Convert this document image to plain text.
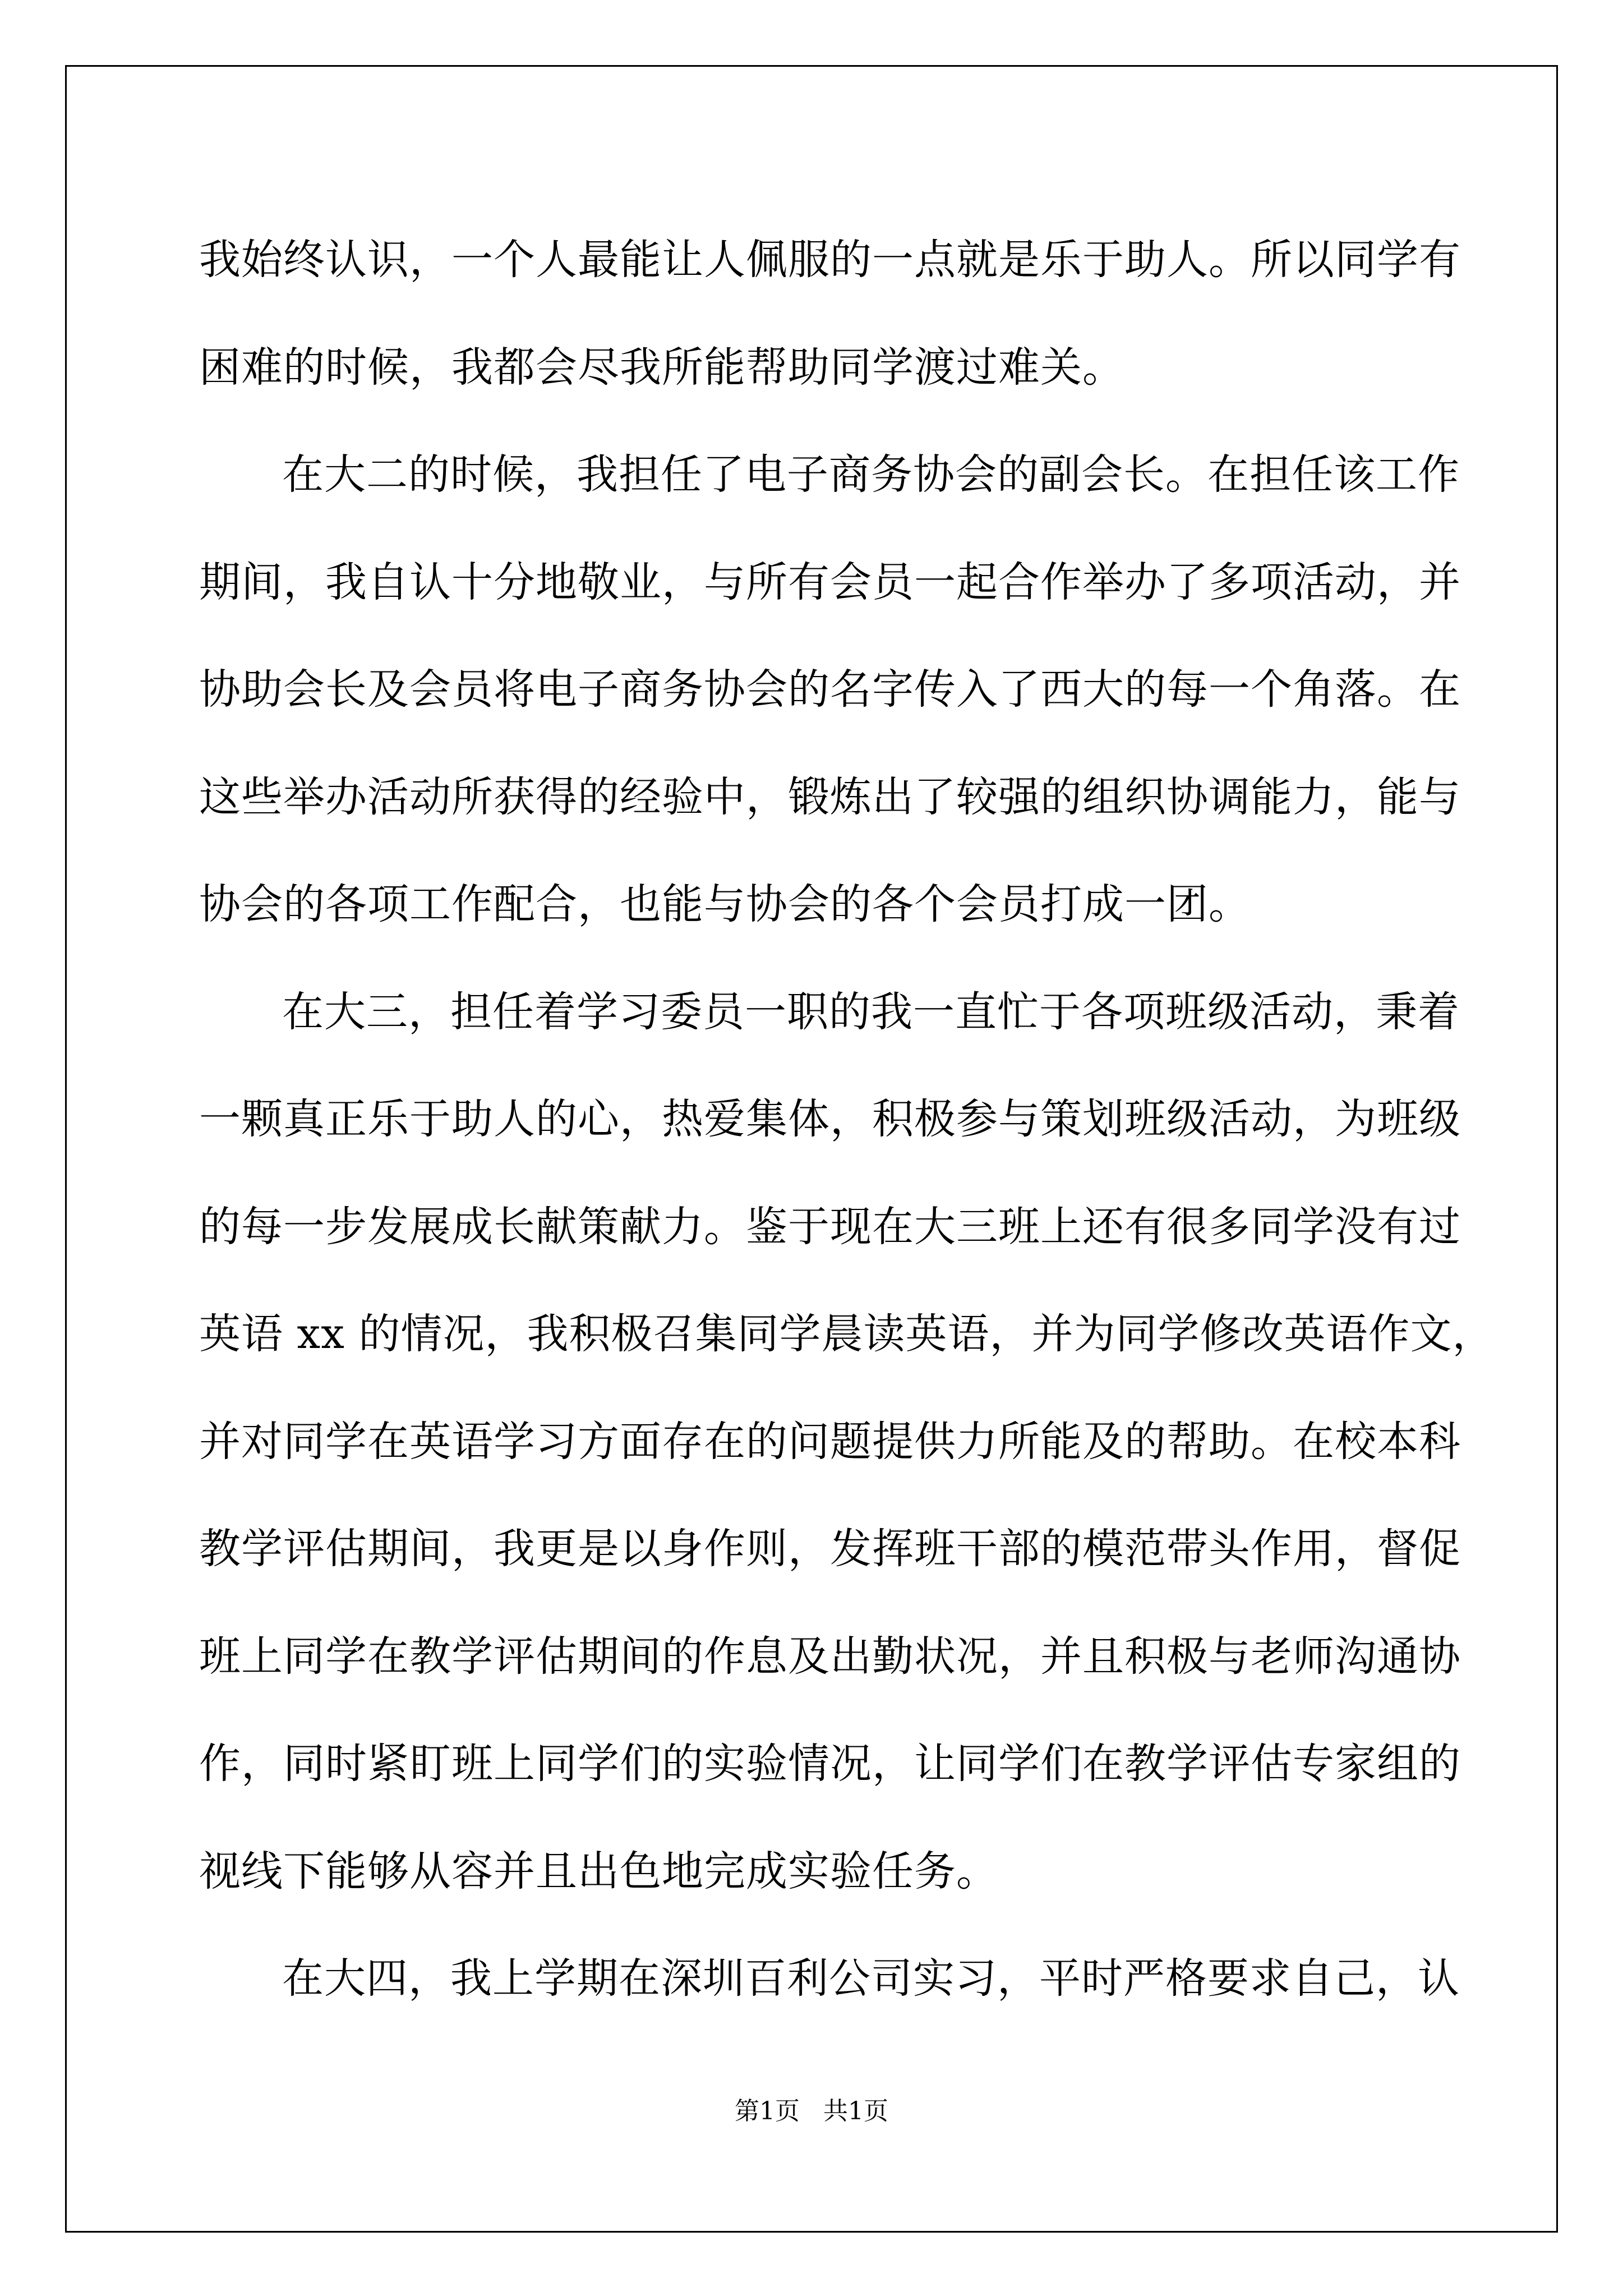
我始终认识，一个人最能让人佩服的一点就是乐于助人。所以同学有
困难的时候，我都会尽我所能帮助同学渡过难关。
在大二的时候，我担任了电子商务协会的副会长。在担任该工作
期间，我自认十分地敬业，与所有会员一起合作举办了多项活动，并
协助会长及会员将电子商务协会的名字传入了西大的每一个角落。在
这些举办活动所获得的经验中，锻炼出了较强的组织协调能力，能与
协会的各项工作配合，也能与协会的各个会员打成一团。
在大三，担任着学习委员一职的我一直忙于各项班级活动，秉着
一颗真正乐于助人的心，热爱集体，积极参与策划班级活动，为班级
的每一步发展成长献策献力。鉴于现在大三班上还有很多同学没有过
英语 xx 的情况，我积极召集同学晨读英语，并为同学修改英语作文，
并对同学在英语学习方面存在的问题提供力所能及的帮助。在校本科
教学评估期间，我更是以身作则，发挥班干部的模范带头作用，督促
班上同学在教学评估期间的作息及出勤状况，并且积极与老师沟通协
作，同时紧盯班上同学们的实验情况，让同学们在教学评估专家组的
视线下能够从容并且出色地完成实验任务。
在大四，我上学期在深圳百利公司实习，平时严格要求自己，认
第1页   共1页
